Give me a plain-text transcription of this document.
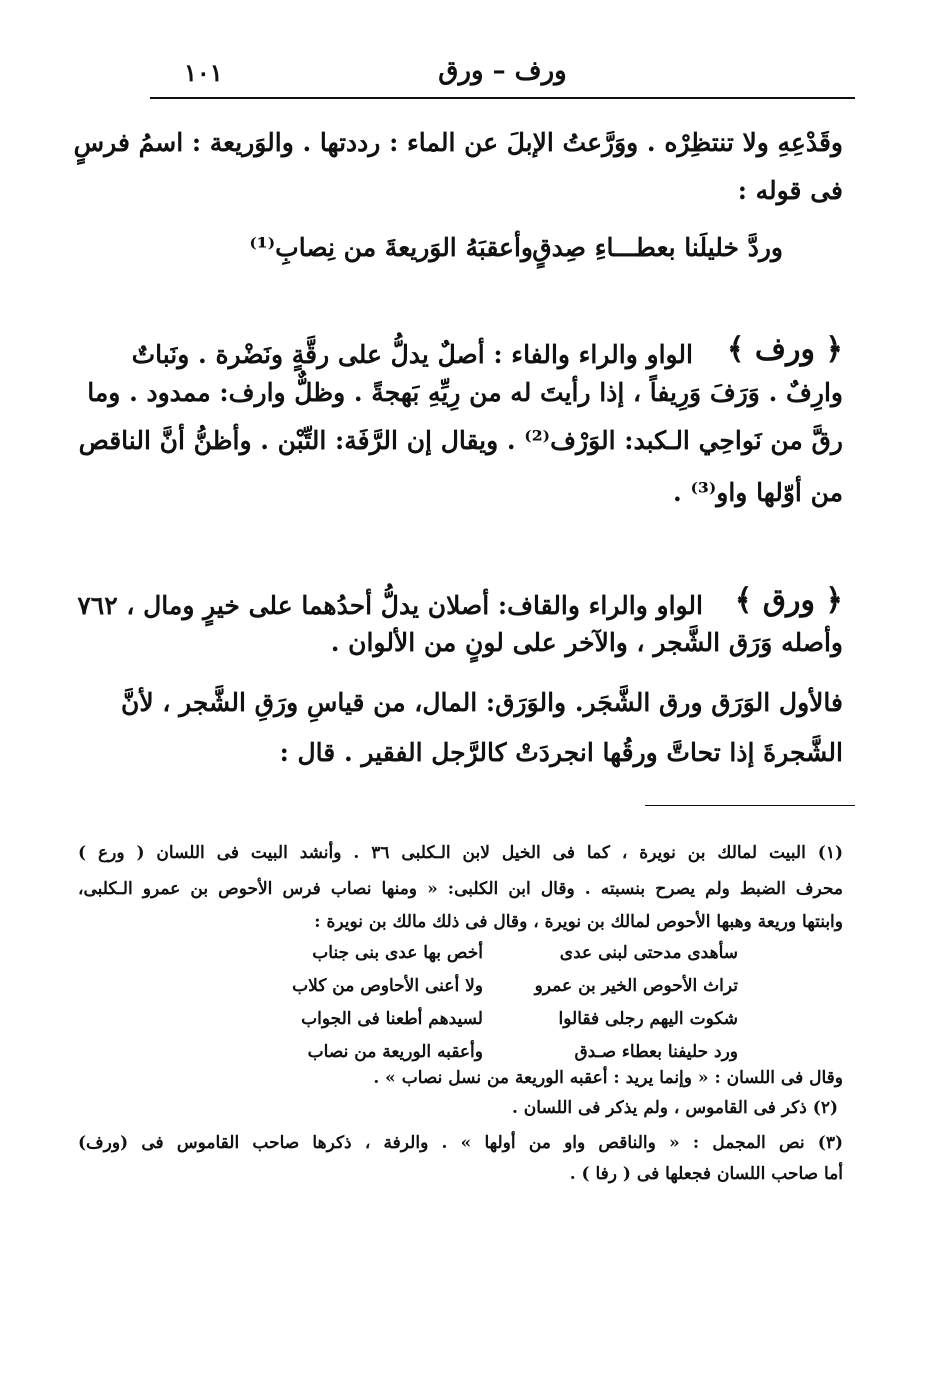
ورف – ورق
١٠١
وقَدْعِهِ ولا تنتظِرْه . ووَرَّعتُ الإبلَ عن الماء : رددتها . والوَريعة : اسمُ فرسٍ
فى قوله :
وأعقبَهُ الوَريعةَ من نِصابِ⁽¹⁾ وردَّ خليلَنا بعطـــاءِ صِدقٍ
﴿ ورف ﴾
الواو والراء والفاء : أصلٌ يدلُّ على رقَّةٍ ونَضْرة . ونَباتٌ
وارِفٌ . وَرَفَ وَرِيفاً ، إذا رأيتَ له من رِيِّهِ بَهجةً . وظلٌّ وارف: ممدود . وما
رقَّ من نَواحِي الـكبد: الوَرْف⁽²⁾ . ويقال إن الرَّفَة: التِّبْن . وأظنُّ أنَّ الناقص
من أوّلها واو⁽³⁾ .
﴿ ورق ﴾
الواو والراء والقاف: أصلان يدلُّ أحدُهما على خيرٍ ومال ، ٧٦٢
وأصله وَرَق الشَّجر ، والآخر على لونٍ من الألوان .
فالأول الوَرَق ورق الشَّجَر. والوَرَق: المال، من قياسِ ورَقِ الشَّجر ، لأنَّ
الشَّجرةَ إذا تحاتَّ ورقُها انجردَتْ كالرَّجل الفقير . قال :
(١) البيت لمالك بن نويرة ، كما فى الخيل لابن الـكلبى ٣٦ . وأنشد البيت فى اللسان ( ورع )
محرف الضبط ولم يصرح بنسبته . وقال ابن الكلبى: « ومنها نصاب فرس الأحوص بن عمرو الـكلبى،
وابنتها وريعة وهبها الأحوص لمالك بن نويرة ، وقال فى ذلك مالك بن نويرة :
سأهدى مدحتى لبنى عدى
أخص بها عدى بنى جناب
تراث الأحوص الخير بن عمرو
ولا أعنى الأحاوص من كلاب
شكوت اليهم رجلى فقالوا
لسيدهم أطعنا فى الجواب
ورد حليفنا بعطاء صـدق
وأعقبه الوريعة من نصاب
وقال فى اللسان : « وإنما يريد : أعقبه الوريعة من نسل نصاب » .
(٢) ذكر فى القاموس ، ولم يذكر فى اللسان .
(٣) نص المجمل : « والناقص واو من أولها » . والرفة ، ذكرها صاحب القاموس فى (ورف)
أما صاحب اللسان فجعلها فى ( رفا ) .
